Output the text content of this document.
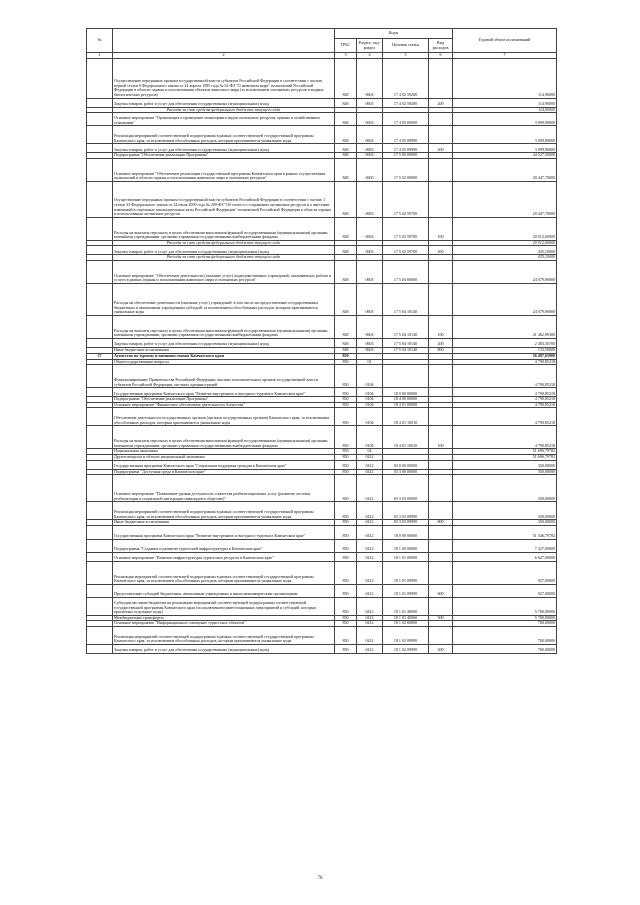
№		Коды				Годовой объем ассигнований
		ГРБС	Раздел, под-раздел	Целевая статья	Вид расходов	
1	2	3	4	5	6	7
	Осуществление переданных органам государственной власти субъектов Российской Федерации в соответствии с частью первой статьи 6 Федерального закона от 24 апреля 1995 года № 52-ФЗ "О животном мире" полномочий Российской Федерации в области охраны и использования объектов животного мира (за исключением охотничьих ресурсов и водных биологических ресурсов)	848	0603	17 4 02 59200		114,90000
	Закупка товаров, работ и услуг для обеспечения государственных (муниципальных) нужд	848	0603	17 4 02 59200	200	114,90000
	Расходы за счет средств федерального бюджета текущего года					114,90000
	Основное мероприятие "Организация и проведение мониторинга видов охотничьих ресурсов, ценных в хозяйственном отношении"	848	0603	17 4 05 00000		3 099,90000
	Реализация мероприятий соответствующей подпрограммы в рамках соответствующей государственной программы Камчатского края, за исключением обособленных расходов, которым присваиваются уникальные коды	848	0603	17 4 05 09990		3 099,90000
	Закупка товаров, работ и услуг для обеспечения государственных (муниципальных) нужд	848	0603	17 4 05 09990	200	3 099,90000
	Подпрограмма "Обеспечение реализации Программы"	848	0603	17 5 00 00000		44 527,50000
	Основное мероприятие "Обеспечение реализации государственной программы Камчатского края в рамках осуществления полномочий в области охраны и использования животного мира и охотничьих ресурсов"	848	0603	17 5 02 00000		20 447,70000
	Осуществление переданных органам государственной власти субъектов Российской Федерации в соответствии с частью 1 статьи 33 Федерального закона от 24 июля 2009 года № 209-ФЗ "Об охоте и о сохранении охотничьих ресурсов и о внесении изменений в отдельные законодательные акты Российской Федерации" полномочий Российской Федерации в области охраны и использования охотничьих ресурсов	848	0603	17 5 02 59700		20 447,70000
	Расходы на выплаты персоналу в целях обеспечения выполнения функций государственными (муниципальными) органами, казенными учреждениями, органами управления государственными внебюджетными фондами	848	0603	17 5 02 59700	100	20 012,60000
	Расходы за счет средств федерального бюджета текущего года					20 012,60000
	Закупка товаров, работ и услуг для обеспечения государственных (муниципальных) нужд	848	0603	17 5 02 59700	200	435,10000
	Расходы за счет средств федерального бюджета текущего года					435,10000
	Основное мероприятие "Обеспечение деятельности (оказание услуг) подведомственных учреждений, оказывающих работы и услуги в рамках охраны и использования животного мира и охотничьих ресурсов"	848	0603	17 5 04 00000		24 079,80000
	Расходы на обеспечение деятельности (оказание услуг) учреждений, в том числе на предоставление государственным бюджетным и автономным учреждениям субсидий, за исключением обособленных расходов, которым присваиваются уникальные коды	848	0603	17 5 04 10140		24 079,80000
	Расходы на выплаты персоналу в целях обеспечения выполнения функций государственными (муниципальными) органами, казенными учреждениями, органами управления государственными внебюджетными фондами	848	0603	17 5 04 10140	100	21 462,99300
	Закупка товаров, работ и услуг для обеспечения государственных (муниципальных) нужд	848	0603	17 5 04 10140	200	2 483,30700
	Иные бюджетные ассигнования	848	0603	17 5 04 10140	800	133,50000
37	Агентство по туризму и внешним связям Камчатского края	850				56 487,65900
	Общегосударственные вопросы	850	01			4 790,85218
	Функционирование Правительства Российской Федерации, высших исполнительных органов государственной власти субъектов Российской Федерации, местных администраций	850	0104			4 790,85218
	Государственная программа Камчатского края "Развитие внутреннего и въездного туризма в Камчатском крае"	850	0104	18 0 00 00000		4 790,85218
	Подпрограмма "Обеспечение реализации Программы"	850	0104	18 4 00 00000		4 790,85218
	Основное мероприятие "Финансовое обеспечение деятельности Агентства"	850	0104	18 4 01 00000		4 790,85218
	Обеспечение деятельности государственных органов (органов государственных органов) Камчатского края, за исключением обособленных расходов, которым присваиваются уникальные коды	850	0104	18 4 01 10010		4 790,85218
	Расходы на выплаты персоналу в целях обеспечения выполнения функций государственными (муниципальными) органами, казенными учреждениями, органами управления государственными внебюджетными фондами	850	0104	18 4 01 10010	100	4 790,85218
	Национальная экономика	850	04			51 696,79782
	Другие вопросы в области национальной экономики	850	0412			51 696,79782
	Государственная программа Камчатского края "Социальная поддержка граждан в Камчатском крае"	850	0412	03 0 00 00000		350,00000
	Подпрограмма "Доступная среда в Камчатском крае"	850	0412	03 3 00 00000		350,00000
	Основное мероприятие "Повышение уровня доступности и качества реабилитационных услуг (развитие системы реабилитации и социальной интеграции инвалидов в обществе)"	850	0412	03 3 03 00000		350,00000
	Реализация мероприятий соответствующей подпрограммы в рамках соответствующей государственной программы Камчатского края, за исключением обособленных расходов, которым присваиваются уникальные коды	850	0412	03 3 03 09990		350,00000
	Иные бюджетные ассигнования	850	0412	03 3 03 09990	800	350,00000
	Государственная программа Камчатского края "Развитие внутреннего и въездного туризма в Камчатском крае"	850	0412	18 0 00 00000		51 346,79782
	Подпрограмма "Создание и развитие туристской инфраструктуры в Камчатском крае"	850	0412	18 1 00 00000		7 327,00000
	Основное мероприятие "Развитие инфраструктуры туристских ресурсов в Камчатском крае"	850	0412	18 1 01 00000		6 627,00000
	Реализация мероприятий соответствующей подпрограммы в рамках соответствующей государственной программы Камчатского края, за исключением обособленных расходов, которым присваиваются уникальные коды	850	0412	18 1 01 09990		927,00000
	Предоставление субсидий бюджетным, автономным учреждениям и иным некоммерческим организациям	850	0412	18 1 01 09990	600	927,00000
	Субсидии местным бюджетам на реализацию мероприятий соответствующей подпрограммы соответствующей государственной программы Камчатского края (за исключением инвестиционных мероприятий и субсидий, которым присвоены отдельные коды)	850	0412	18 1 01 40060		5 700,00000
	Межбюджетные трансферты	850	0412	18 1 01 40060	500	5 700,00000
	Основное мероприятие "Информационное освещение туристских объектов"	850	0412	18 1 02 00000		700,00000
	Реализация мероприятий соответствующей подпрограммы в рамках соответствующей государственной программы Камчатского края, за исключением обособленных расходов, которым присваиваются уникальные коды	850	0412	18 1 02 09990		700,00000
	Закупка товаров, работ и услуг для обеспечения государственных (муниципальных) нужд	850	0412	18 1 02 09990	200	700,00000
76
